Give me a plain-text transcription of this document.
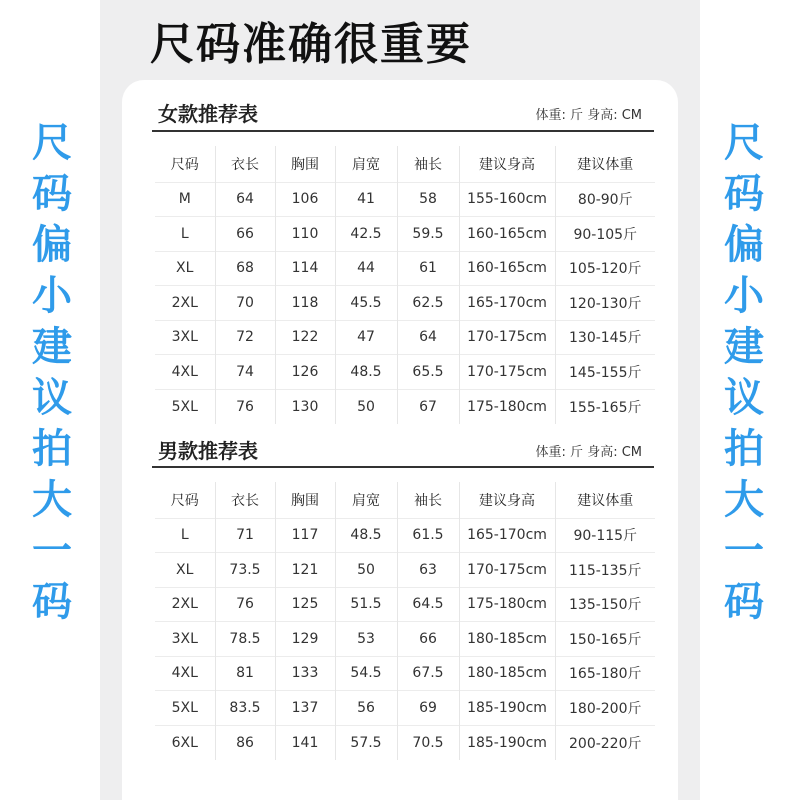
尺码准确很重要
女款推荐表	体重: 斤 身高: CM
尺码	衣长	胸围	肩宽	袖长	建议身高	建议体重
M	64	106	41	58	155-160cm	80-90斤
L	66	110	42.5	59.5	160-165cm	90-105斤
XL	68	114	44	61	160-165cm	105-120斤
2XL	70	118	45.5	62.5	165-170cm	120-130斤
3XL	72	122	47	64	170-175cm	130-145斤
4XL	74	126	48.5	65.5	170-175cm	145-155斤
5XL	76	130	50	67	175-180cm	155-165斤
男款推荐表	体重: 斤 身高: CM
尺码	衣长	胸围	肩宽	袖长	建议身高	建议体重
L	71	117	48.5	61.5	165-170cm	90-115斤
XL	73.5	121	50	63	170-175cm	115-135斤
2XL	76	125	51.5	64.5	175-180cm	135-150斤
3XL	78.5	129	53	66	180-185cm	150-165斤
4XL	81	133	54.5	67.5	180-185cm	165-180斤
5XL	83.5	137	56	69	185-190cm	180-200斤
6XL	86	141	57.5	70.5	185-190cm	200-220斤
尺
码
偏
小
建
议
拍
大
一
码
尺
码
偏
小
建
议
拍
大
一
码
